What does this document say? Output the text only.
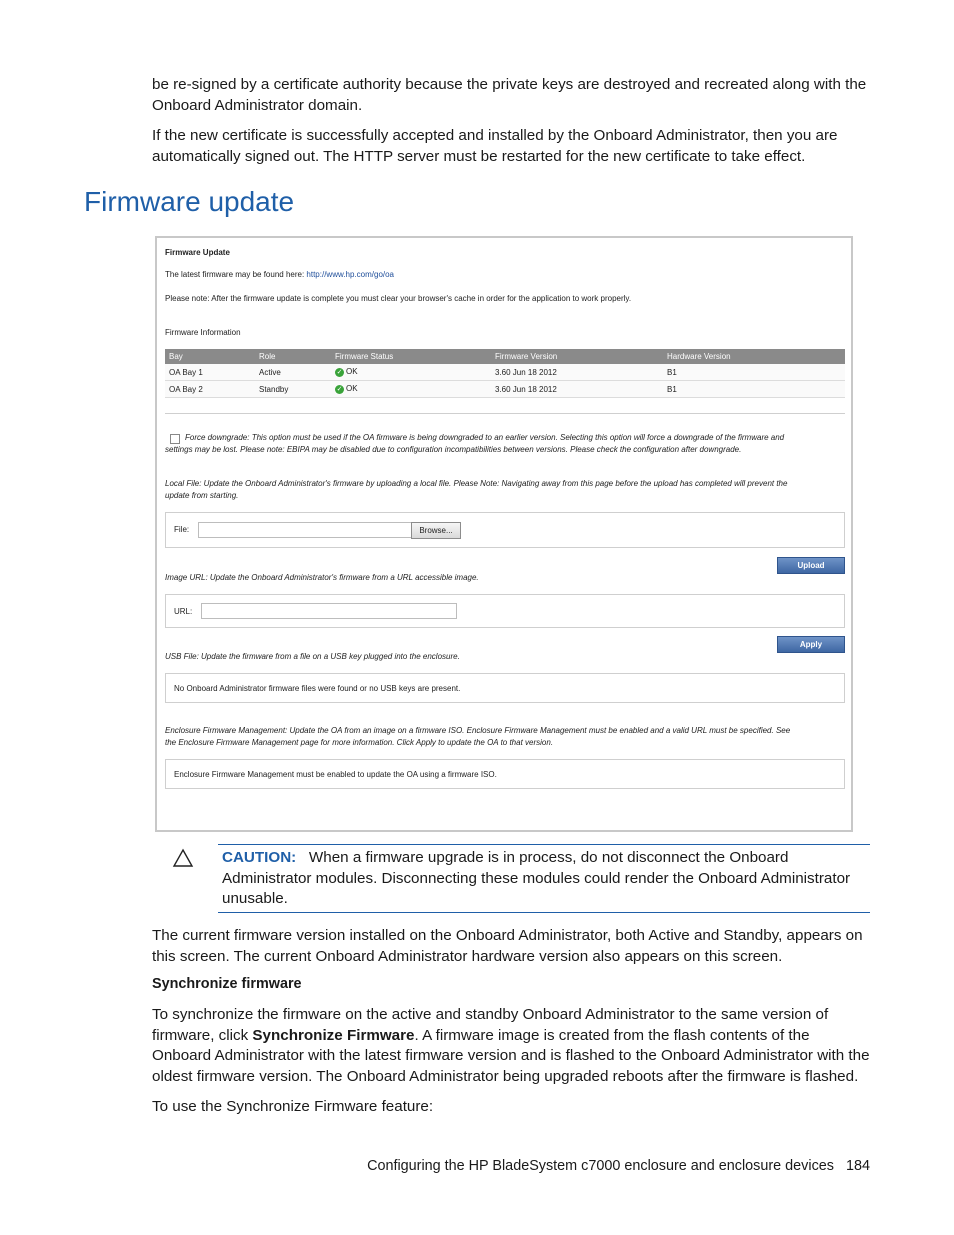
be re-signed by a certificate authority because the private keys are destroyed and recreated along with the Onboard Administrator domain.

If the new certificate is successfully accepted and installed by the Onboard Administrator, then you are automatically signed out. The HTTP server must be restarted for the new certificate to take effect.

Firmware update
Firmware Update
The latest firmware may be found here: http://www.hp.com/go/oa
Please note: After the firmware update is complete you must clear your browser's cache in order for the application to work properly.
Firmware Information
Bay	Role	Firmware Status	Firmware Version	Hardware Version
OA Bay 1	Active	✓ OK	3.60 Jun 18 2012	B1
OA Bay 2	Standby	✓ OK	3.60 Jun 18 2012	B1
Force downgrade: This option must be used if the OA firmware is being downgraded to an earlier version. Selecting this option will force a downgrade of the firmware and
settings may be lost. Please note: EBIPA may be disabled due to configuration incompatibilities between versions. Please check the configuration after downgrade.
Local File: Update the Onboard Administrator's firmware by uploading a local file. Please Note: Navigating away from this page before the upload has completed will prevent the
update from starting.
File:	Browse...
Upload
Image URL: Update the Onboard Administrator's firmware from a URL accessible image.
URL:
Apply
USB File: Update the firmware from a file on a USB key plugged into the enclosure.
No Onboard Administrator firmware files were found or no USB keys are present.
Enclosure Firmware Management: Update the OA from an image on a firmware ISO. Enclosure Firmware Management must be enabled and a valid URL must be specified. See
the Enclosure Firmware Management page for more information. Click Apply to update the OA to that version.
Enclosure Firmware Management must be enabled to update the OA using a firmware ISO.

CAUTION: When a firmware upgrade is in process, do not disconnect the Onboard Administrator modules. Disconnecting these modules could render the Onboard Administrator unusable.

The current firmware version installed on the Onboard Administrator, both Active and Standby, appears on this screen. The current Onboard Administrator hardware version also appears on this screen.

Synchronize firmware

To synchronize the firmware on the active and standby Onboard Administrator to the same version of firmware, click Synchronize Firmware. A firmware image is created from the flash contents of the Onboard Administrator with the latest firmware version and is flashed to the Onboard Administrator with the oldest firmware version. The Onboard Administrator being upgraded reboots after the firmware is flashed.

To use the Synchronize Firmware feature:

Configuring the HP BladeSystem c7000 enclosure and enclosure devices 184
